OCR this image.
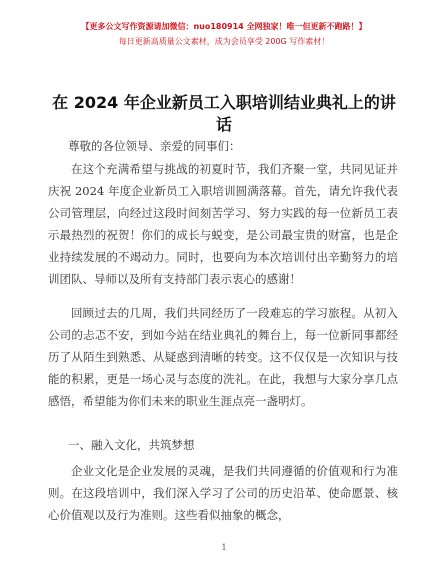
【更多公文写作资源请加微信：nuo180914 全网独家！唯一但更新不跑路！】
每日更新高质量公文素材，成为会员享受 200G 写作素材！
在 2024 年企业新员工入职培训结业典礼上的讲话
尊敬的各位领导、亲爱的同事们：

在这个充满希望与挑战的初夏时节，我们齐聚一堂，共同见证并庆祝 2024 年度企业新员工入职培训圆满落幕。首先，请允许我代表公司管理层，向经过这段时间刻苦学习、努力实践的每一位新员工表示最热烈的祝贺！你们的成长与蜕变，是公司最宝贵的财富，也是企业持续发展的不竭动力。同时，也要向为本次培训付出辛勤努力的培训团队、导师以及所有支持部门表示衷心的感谢！

回顾过去的几周，我们共同经历了一段难忘的学习旅程。从初入公司的忐忑不安，到如今站在结业典礼的舞台上，每一位新同事都经历了从陌生到熟悉、从疑惑到清晰的转变。这不仅仅是一次知识与技能的积累，更是一场心灵与态度的洗礼。在此，我想与大家分享几点感悟，希望能为你们未来的职业生涯点亮一盏明灯。

一、融入文化，共筑梦想

企业文化是企业发展的灵魂，是我们共同遵循的价值观和行为准则。在这段培训中，我们深入学习了公司的历史沿革、使命愿景、核心价值观以及行为准则。这些看似抽象的概念，

1
